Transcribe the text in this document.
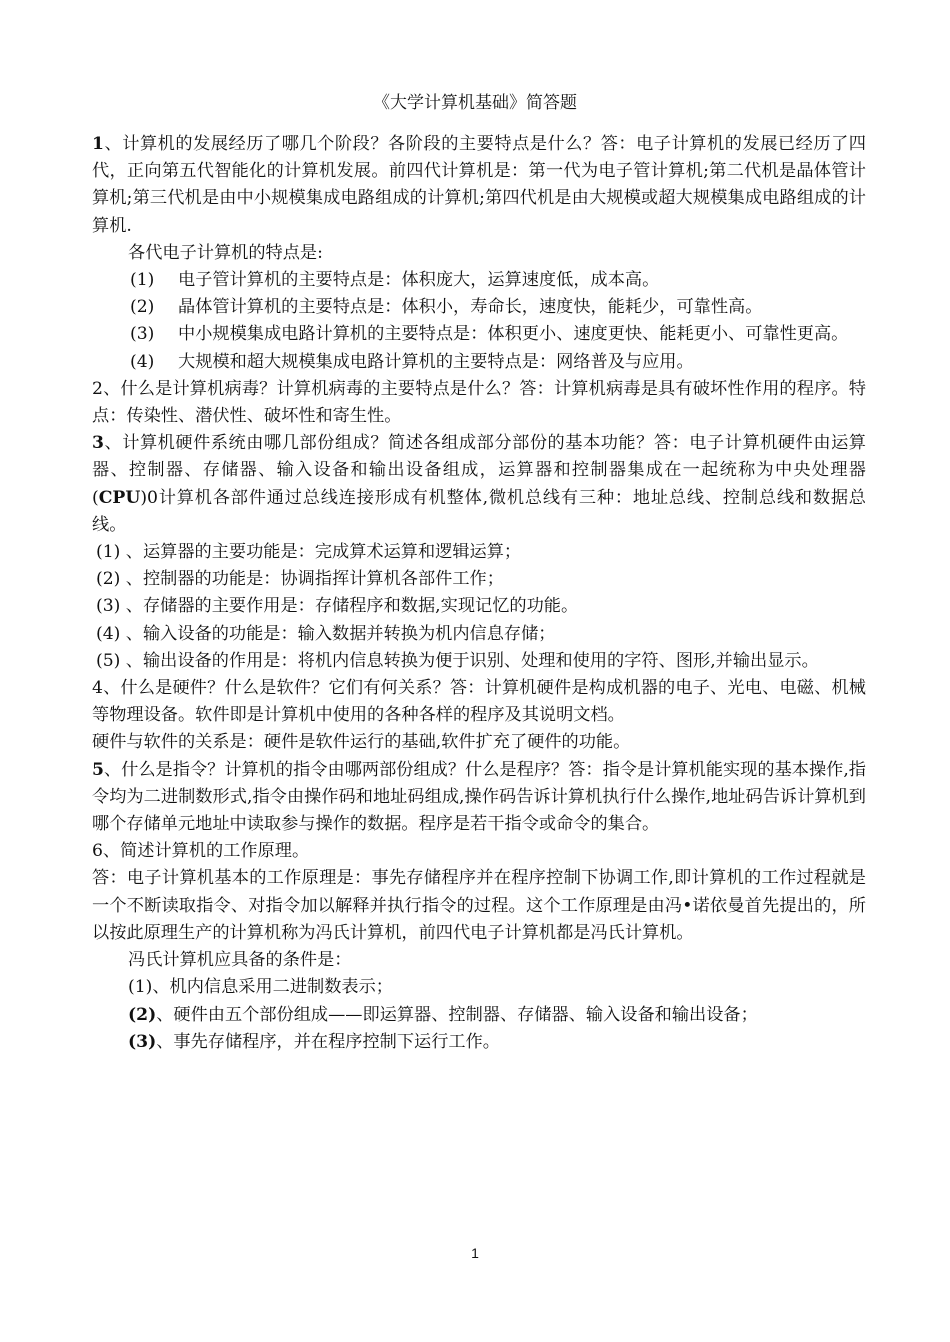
《大学计算机基础》简答题

1、计算机的发展经历了哪几个阶段？各阶段的主要特点是什么？答：电子计算机的发展已经历了四代，正向第五代智能化的计算机发展。前四代计算机是：第一代为电子管计算机;第二代机是晶体管计算机;第三代机是由中小规模集成电路组成的计算机;第四代机是由大规模或超大规模集成电路组成的计算机.

各代电子计算机的特点是:

(1) 电子管计算机的主要特点是：体积庞大，运算速度低，成本高。

(2) 晶体管计算机的主要特点是：体积小，寿命长，速度快，能耗少，可靠性高。

(3) 中小规模集成电路计算机的主要特点是：体积更小、速度更快、能耗更小、可靠性更高。

(4) 大规模和超大规模集成电路计算机的主要特点是：网络普及与应用。

2、什么是计算机病毒？计算机病毒的主要特点是什么？答：计算机病毒是具有破坏性作用的程序。特点：传染性、潜伏性、破坏性和寄生性。

3、计算机硬件系统由哪几部份组成？简述各组成部分部份的基本功能？答：电子计算机硬件由运算器、控制器、存储器、输入设备和输出设备组成，运算器和控制器集成在一起统称为中央处理器(CPU)0计算机各部件通过总线连接形成有机整体,微机总线有三种：地址总线、控制总线和数据总线。

(1) 、运算器的主要功能是：完成算术运算和逻辑运算；

(2) 、控制器的功能是：协调指挥计算机各部件工作；

(3) 、存储器的主要作用是：存储程序和数据,实现记忆的功能。

(4) 、输入设备的功能是：输入数据并转换为机内信息存储；

(5) 、输出设备的作用是：将机内信息转换为便于识别、处理和使用的字符、图形,并输出显示。

4、什么是硬件？什么是软件？它们有何关系？答：计算机硬件是构成机器的电子、光电、电磁、机械等物理设备。软件即是计算机中使用的各种各样的程序及其说明文档。

硬件与软件的关系是：硬件是软件运行的基础,软件扩充了硬件的功能。

5、什么是指令？计算机的指令由哪两部份组成？什么是程序？答：指令是计算机能实现的基本操作,指令均为二进制数形式,指令由操作码和地址码组成,操作码告诉计算机执行什么操作,地址码告诉计算机到哪个存储单元地址中读取参与操作的数据。程序是若干指令或命令的集合。

6、简述计算机的工作原理。

答：电子计算机基本的工作原理是：事先存储程序并在程序控制下协调工作,即计算机的工作过程就是一个不断读取指令、对指令加以解释并执行指令的过程。这个工作原理是由冯•诺依曼首先提出的，所以按此原理生产的计算机称为冯氏计算机，前四代电子计算机都是冯氏计算机。

冯氏计算机应具备的条件是：

(1)、机内信息采用二进制数表示；

(2)、硬件由五个部份组成——即运算器、控制器、存储器、输入设备和输出设备；

(3)、事先存储程序，并在程序控制下运行工作。

1
